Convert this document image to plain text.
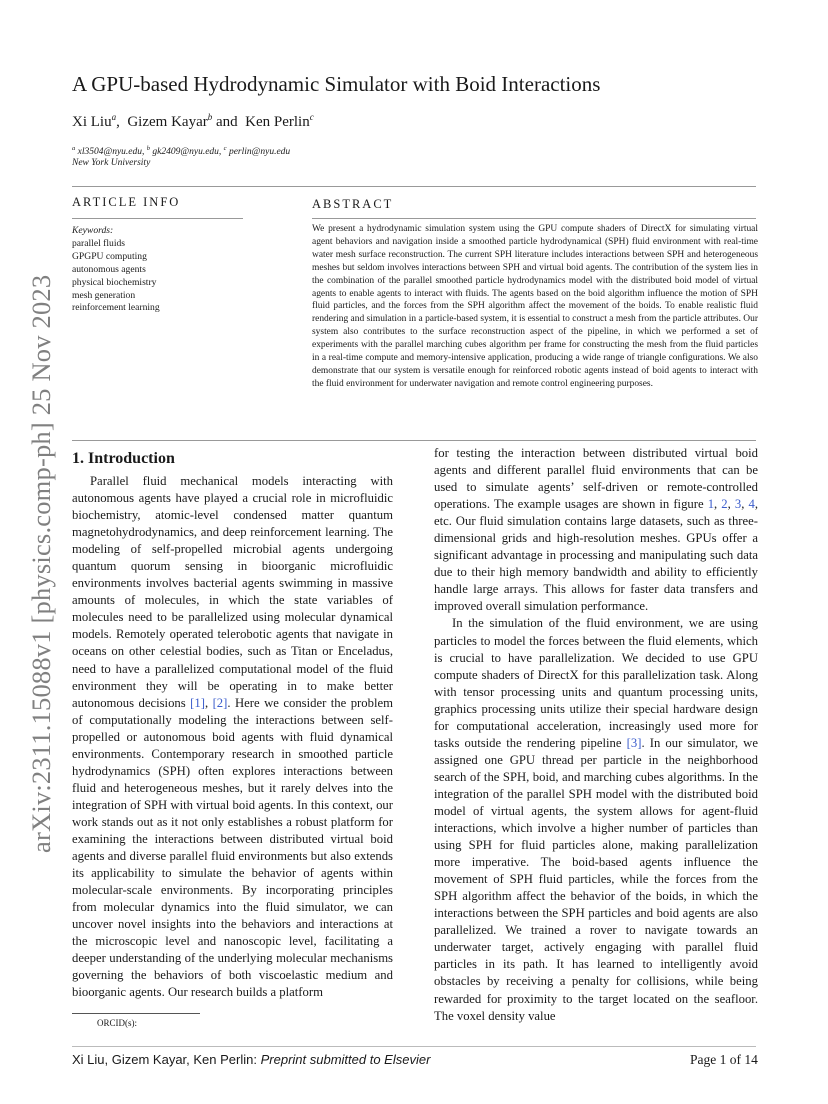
arXiv:2311.15088v1 [physics.comp-ph] 25 Nov 2023
A GPU-based Hydrodynamic Simulator with Boid Interactions
Xi Liu$^a$,  Gizem Kayar$^b$ and Ken Perlin$^c$
$^a$ xl3504@nyu.edu, $^b$ gk2409@nyu.edu, $^c$ perlin@nyu.edu
New York University
ARTICLE INFO	ABSTRACT
Keywords:
parallel fluids
GPGPU computing
autonomous agents
physical biochemistry
mesh generation
reinforcement learning
We present a hydrodynamic simulation system using the GPU compute shaders of DirectX for simulating virtual agent behaviors and navigation inside a smoothed particle hydrodynamical (SPH) fluid environment with real-time water mesh surface reconstruction. The current SPH literature includes interactions between SPH and heterogeneous meshes but seldom involves interactions between SPH and virtual boid agents. The contribution of the system lies in the combination of the parallel smoothed particle hydrodynamics model with the distributed boid model of virtual agents to enable agents to interact with fluids. The agents based on the boid algorithm influence the motion of SPH fluid particles, and the forces from the SPH algorithm affect the movement of the boids. To enable realistic fluid rendering and simulation in a particle-based system, it is essential to construct a mesh from the particle attributes. Our system also contributes to the surface reconstruction aspect of the pipeline, in which we performed a set of experiments with the parallel marching cubes algorithm per frame for constructing the mesh from the fluid particles in a real-time compute and memory-intensive application, producing a wide range of triangle configurations. We also demonstrate that our system is versatile enough for reinforced robotic agents instead of boid agents to interact with the fluid environment for underwater navigation and remote control engineering purposes.
1. Introduction

Parallel fluid mechanical models interacting with autonomous agents have played a crucial role in microfluidic biochemistry, atomic-level condensed matter quantum magnetohydrodynamics, and deep reinforcement learning. The modeling of self-propelled microbial agents undergoing quantum quorum sensing in bioorganic microfluidic environments involves bacterial agents swimming in massive amounts of molecules, in which the state variables of molecules need to be parallelized using molecular dynamical models. Remotely operated telerobotic agents that navigate in oceans on other celestial bodies, such as Titan or Enceladus, need to have a parallelized computational model of the fluid environment they will be operating in to make better autonomous decisions [1], [2]. Here we consider the problem of computationally modeling the interactions between self-propelled or autonomous boid agents with fluid dynamical environments. Contemporary research in smoothed particle hydrodynamics (SPH) often explores interactions between fluid and heterogeneous meshes, but it rarely delves into the integration of SPH with virtual boid agents. In this context, our work stands out as it not only establishes a robust platform for examining the interactions between distributed virtual boid agents and diverse parallel fluid environments but also extends its applicability to simulate the behavior of agents within molecular-scale environments. By incorporating principles from molecular dynamics into the fluid simulator, we can uncover novel insights into the behaviors and interactions at the microscopic level and nanoscopic level, facilitating a deeper understanding of the underlying molecular mechanisms governing the behaviors of both viscoelastic medium and bioorganic agents. Our research builds a platform

for testing the interaction between distributed virtual boid agents and different parallel fluid environments that can be used to simulate agents’ self-driven or remote-controlled operations. The example usages are shown in figure 1, 2, 3, 4, etc. Our fluid simulation contains large datasets, such as three-dimensional grids and high-resolution meshes. GPUs offer a significant advantage in processing and manipulating such data due to their high memory bandwidth and ability to efficiently handle large arrays. This allows for faster data transfers and improved overall simulation performance.

In the simulation of the fluid environment, we are using particles to model the forces between the fluid elements, which is crucial to have parallelization. We decided to use GPU compute shaders of DirectX for this parallelization task. Along with tensor processing units and quantum processing units, graphics processing units utilize their special hardware design for computational acceleration, increasingly used more for tasks outside the rendering pipeline [3]. In our simulator, we assigned one GPU thread per particle in the neighborhood search of the SPH, boid, and marching cubes algorithms. In the integration of the parallel SPH model with the distributed boid model of virtual agents, the system allows for agent-fluid interactions, which involve a higher number of particles than using SPH for fluid particles alone, making parallelization more imperative. The boid-based agents influence the movement of SPH fluid particles, while the forces from the SPH algorithm affect the behavior of the boids, in which the interactions between the SPH particles and boid agents are also parallelized. We trained a rover to navigate towards an underwater target, actively engaging with parallel fluid particles in its path. It has learned to intelligently avoid obstacles by receiving a penalty for collisions, while being rewarded for proximity to the target located on the seafloor. The voxel density value

ORCID(s):
Xi Liu, Gizem Kayar, Ken Perlin: Preprint submitted to Elsevier	Page 1 of 14
